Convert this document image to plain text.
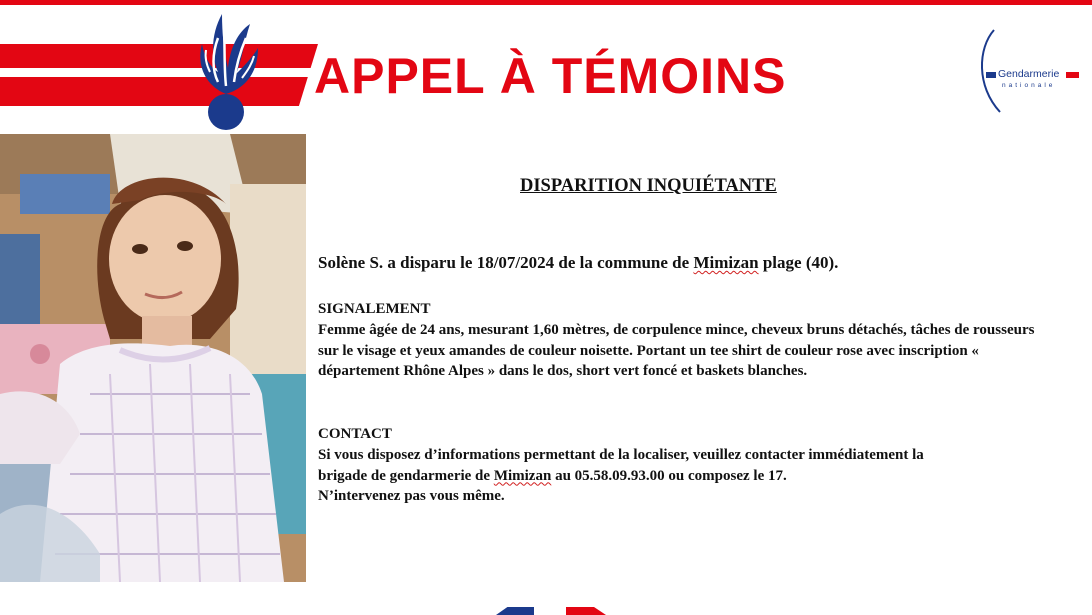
APPEL À TÉMOINS	Gendarmerie
nationale
DISPARITION INQUIÉTANTE
Solène S. a disparu le 18/07/2024 de la commune de Mimizan plage (40).
SIGNALEMENT
Femme âgée de 24 ans, mesurant 1,60 mètres, de corpulence mince, cheveux bruns détachés, tâches de rousseurs sur le visage et yeux amandes de couleur noisette. Portant un tee shirt de couleur rose avec inscription « département Rhône Alpes » dans le dos, short vert foncé et baskets blanches.
CONTACT
Si vous disposez d’informations permettant de la localiser, veuillez contacter immédiatement la
brigade de gendarmerie de Mimizan au 05.58.09.93.00 ou composez le 17.
N’intervenez pas vous même.
